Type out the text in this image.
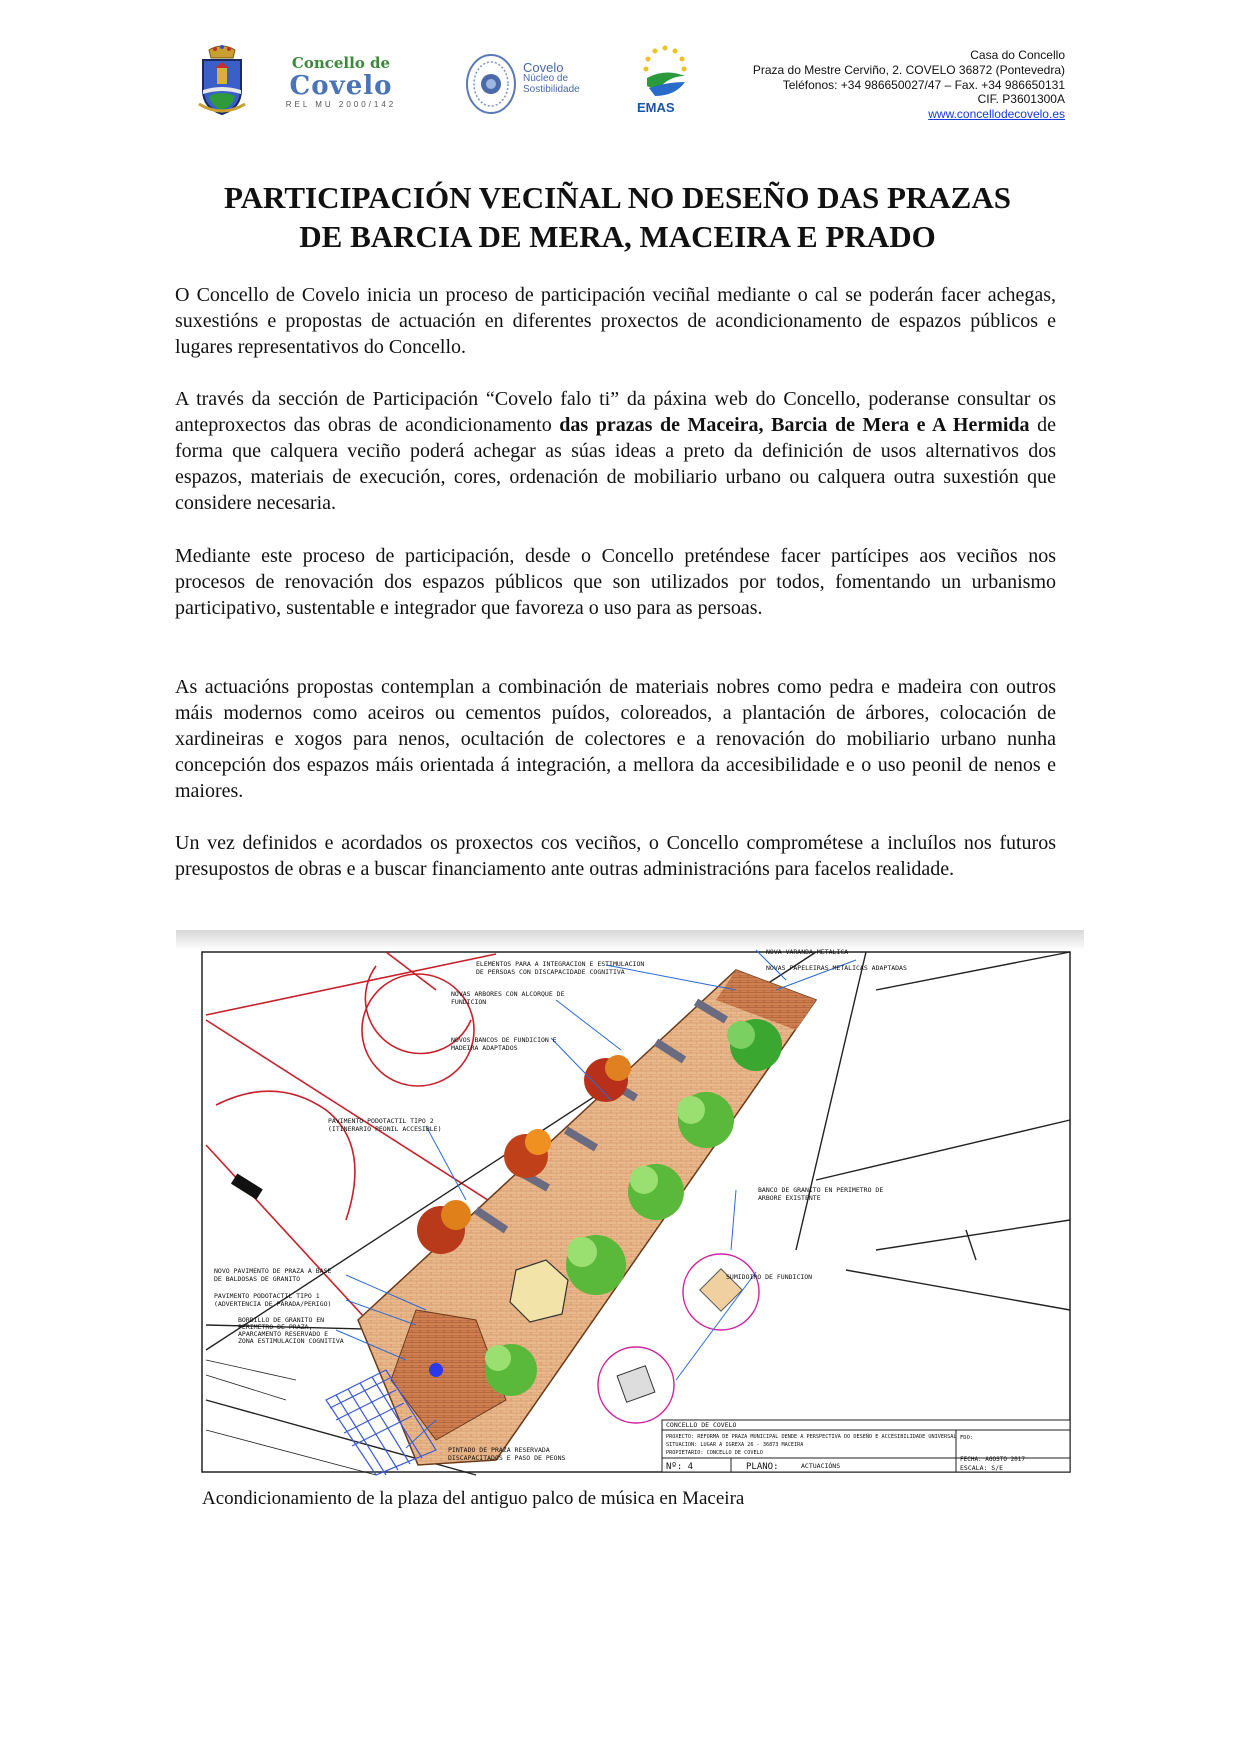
Concello de
Covelo
REL MU 2000/142
Covelo
Núcleo de
Sostibilidade
EMAS
Casa do Concello
Praza do Mestre Cerviño, 2. COVELO 36872 (Pontevedra)
Teléfonos: +34 986650027/47 – Fax. +34 986650131
CIF. P3601300A
www.concellodecovelo.es
PARTICIPACIÓN VECIÑAL NO DESEÑO DAS PRAZAS
DE BARCIA DE MERA, MACEIRA E PRADO
O Concello de Covelo inicia un proceso de participación veciñal mediante o cal se poderán facer achegas, suxestións e propostas de actuación en diferentes proxectos de acondicionamento de espazos públicos e lugares representativos do Concello.
A través da sección de Participación “Covelo falo ti” da páxina web do Concello, poderanse consultar os anteproxectos das obras de acondicionamento das prazas de Maceira, Barcia de Mera e A Hermida de forma que calquera veciño poderá achegar as súas ideas a preto da definición de usos alternativos dos espazos, materiais de execución, cores, ordenación de mobiliario urbano ou calquera outra suxestión que considere necesaria.
Mediante este proceso de participación, desde o Concello preténdese facer partícipes aos veciños nos procesos de renovación dos espazos públicos que son utilizados por todos, fomentando un urbanismo participativo, sustentable e integrador que favoreza o uso para as persoas.
As actuacións propostas contemplan a combinación de materiais nobres como pedra e madeira con outros máis modernos como aceiros ou cementos puídos, coloreados, a plantación de árbores, colocación de xardineiras e xogos para nenos, ocultación de colectores e a renovación do mobiliario urbano nunha concepción dos espazos máis orientada á integración, a mellora da accesibilidade e o uso peonil de nenos e maiores.
Un vez definidos e acordados os proxectos cos veciños, o Concello comprométese a incluílos nos futuros presupostos de obras e a buscar financiamento ante outras administracións para facelos realidade.
ELEMENTOS PARA A INTEGRACION E ESTIMULACION
DE PERSOAS CON DISCAPACIDADE COGNITIVA
NOVA VARANDA METALICA
NOVAS PAPELEIRAS METALICAS ADAPTADAS
NOVAS ARBORES CON ALCORQUE DE
FUNDICION
NOVOS BANCOS DE FUNDICION E
MADEIRA ADAPTADOS
PAVIMENTO PODOTACTIL TIPO 2
(ITINERARIO PEONIL ACCESIBLE)
BANCO DE GRANITO EN PERIMETRO DE
ARBORE EXISTENTE
SUMIDOIRO DE FUNDICION
NOVO PAVIMENTO DE PRAZA A BASE
DE BALDOSAS DE GRANITO
PAVIMENTO PODOTACTIL TIPO 1
(ADVERTENCIA DE PARADA/PERIGO)
BORDILLO DE GRANITO EN
PERIMETRO DE PRAZA,
APARCAMENTO RESERVADO E
ZONA ESTIMULACION COGNITIVA
PINTADO DE PRAZA RESERVADA
DISCAPACITADOS E PASO DE PEONS
CONCELLO DE COVELO
PROXECTO: REFORMA DE PRAZA MUNICIPAL DENDE A PERSPECTIVA DO DESEÑO E ACCESIBILIDADE UNIVERSAL
SITUACION: LUGAR A IGREXA 26 - 36873 MACEIRA
PROPIETARIO: CONCELLO DE COVELO
Nº: 4	PLANO:	ACTUACIÓNS
FDO:
FECHA: AGOSTO 2017
ESCALA: S/E
Acondicionamiento de la plaza del antiguo palco de música en Maceira
